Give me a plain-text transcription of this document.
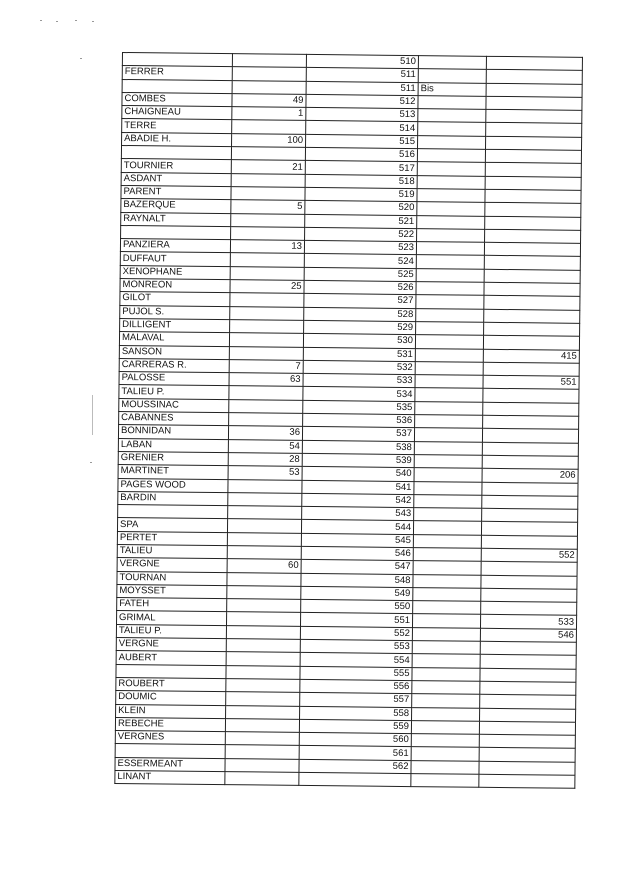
		510		
FERRER		511		
		511	Bis	
COMBES	49	512		
CHAIGNEAU	1	513		
TERRE		514		
ABADIE H.	100	515		
		516		
TOURNIER	21	517		
ASDANT		518		
PARENT		519		
BAZERQUE	5	520		
RAYNALT		521		
		522		
PANZIERA	13	523		
DUFFAUT		524		
XENOPHANE		525		
MONREON	25	526		
GILOT		527		
PUJOL S.		528		
DILLIGENT		529		
MALAVAL		530		
SANSON		531		415
CARRERAS R.	7	532		
PALOSSE	63	533		551
TALIEU P.		534		
MOUSSINAC		535		
CABANNES		536		
BONNIDAN	36	537		
LABAN	54	538		
GRENIER	28	539		
MARTINET	53	540		206
PAGES WOOD		541		
BARDIN		542		
		543		
SPA		544		
PERTET		545		
TALIEU		546		552
VERGNE	60	547		
TOURNAN		548		
MOYSSET		549		
FATEH		550		
GRIMAL		551		533
TALIEU P.		552		546
VERGNE		553		
AUBERT		554		
		555		
ROUBERT		556		
DOUMIC		557		
KLEIN		558		
REBECHE		559		
VERGNES		560		
		561		
ESSERMEANT		562		
LINANT				
